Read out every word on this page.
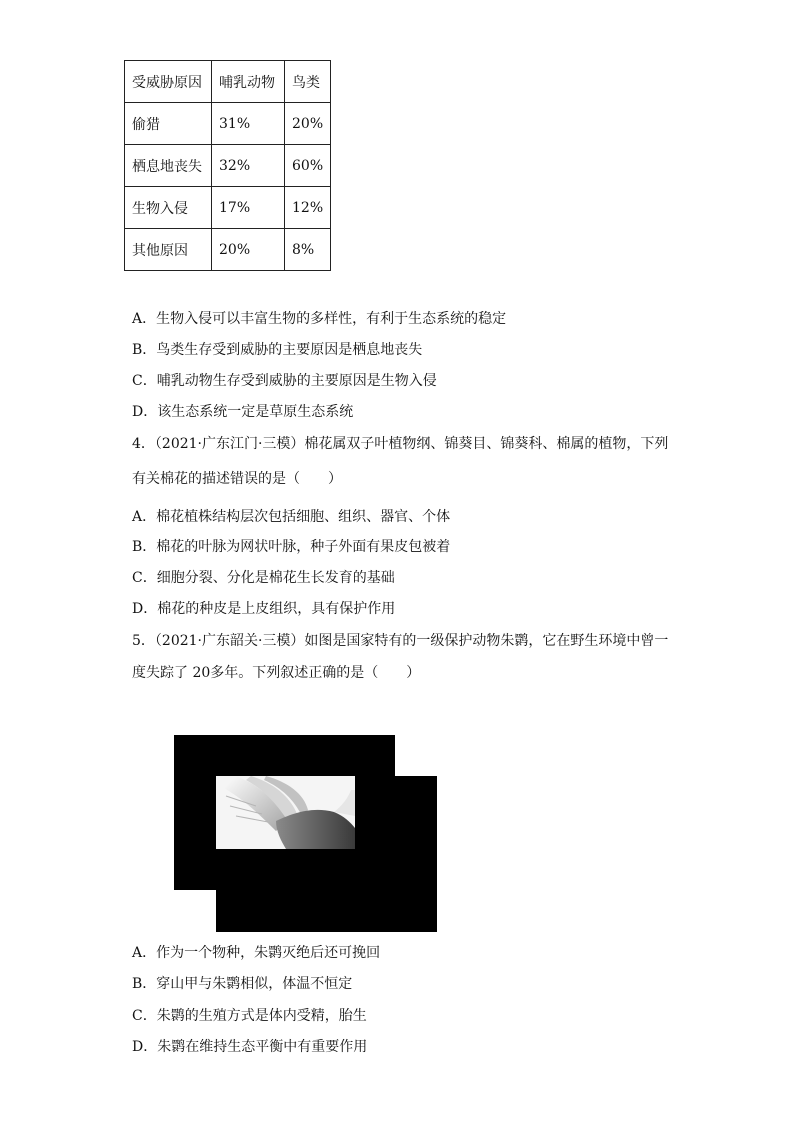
受威胁原因	哺乳动物	鸟类
偷猎	31%	20%
栖息地丧失	32%	60%
生物入侵	17%	12%
其他原因	20%	8%
A．生物入侵可以丰富生物的多样性，有利于生态系统的稳定
B．鸟类生存受到威胁的主要原因是栖息地丧失
C．哺乳动物生存受到威胁的主要原因是生物入侵
D．该生态系统一定是草原生态系统
4．（2021·广东江门·三模）棉花属双子叶植物纲、锦葵目、锦葵科、棉属的植物，下列
有关棉花的描述错误的是（　　）
A．棉花植株结构层次包括细胞、组织、器官、个体
B．棉花的叶脉为网状叶脉，种子外面有果皮包被着
C．细胞分裂、分化是棉花生长发育的基础
D．棉花的种皮是上皮组织，具有保护作用
5．（2021·广东韶关·三模）如图是国家特有的一级保护动物朱鹮，它在野生环境中曾一
度失踪了 20多年。下列叙述正确的是（　　）
A．作为一个物种，朱鹮灭绝后还可挽回
B．穿山甲与朱鹮相似，体温不恒定
C．朱鹮的生殖方式是体内受精，胎生
D．朱鹮在维持生态平衡中有重要作用
